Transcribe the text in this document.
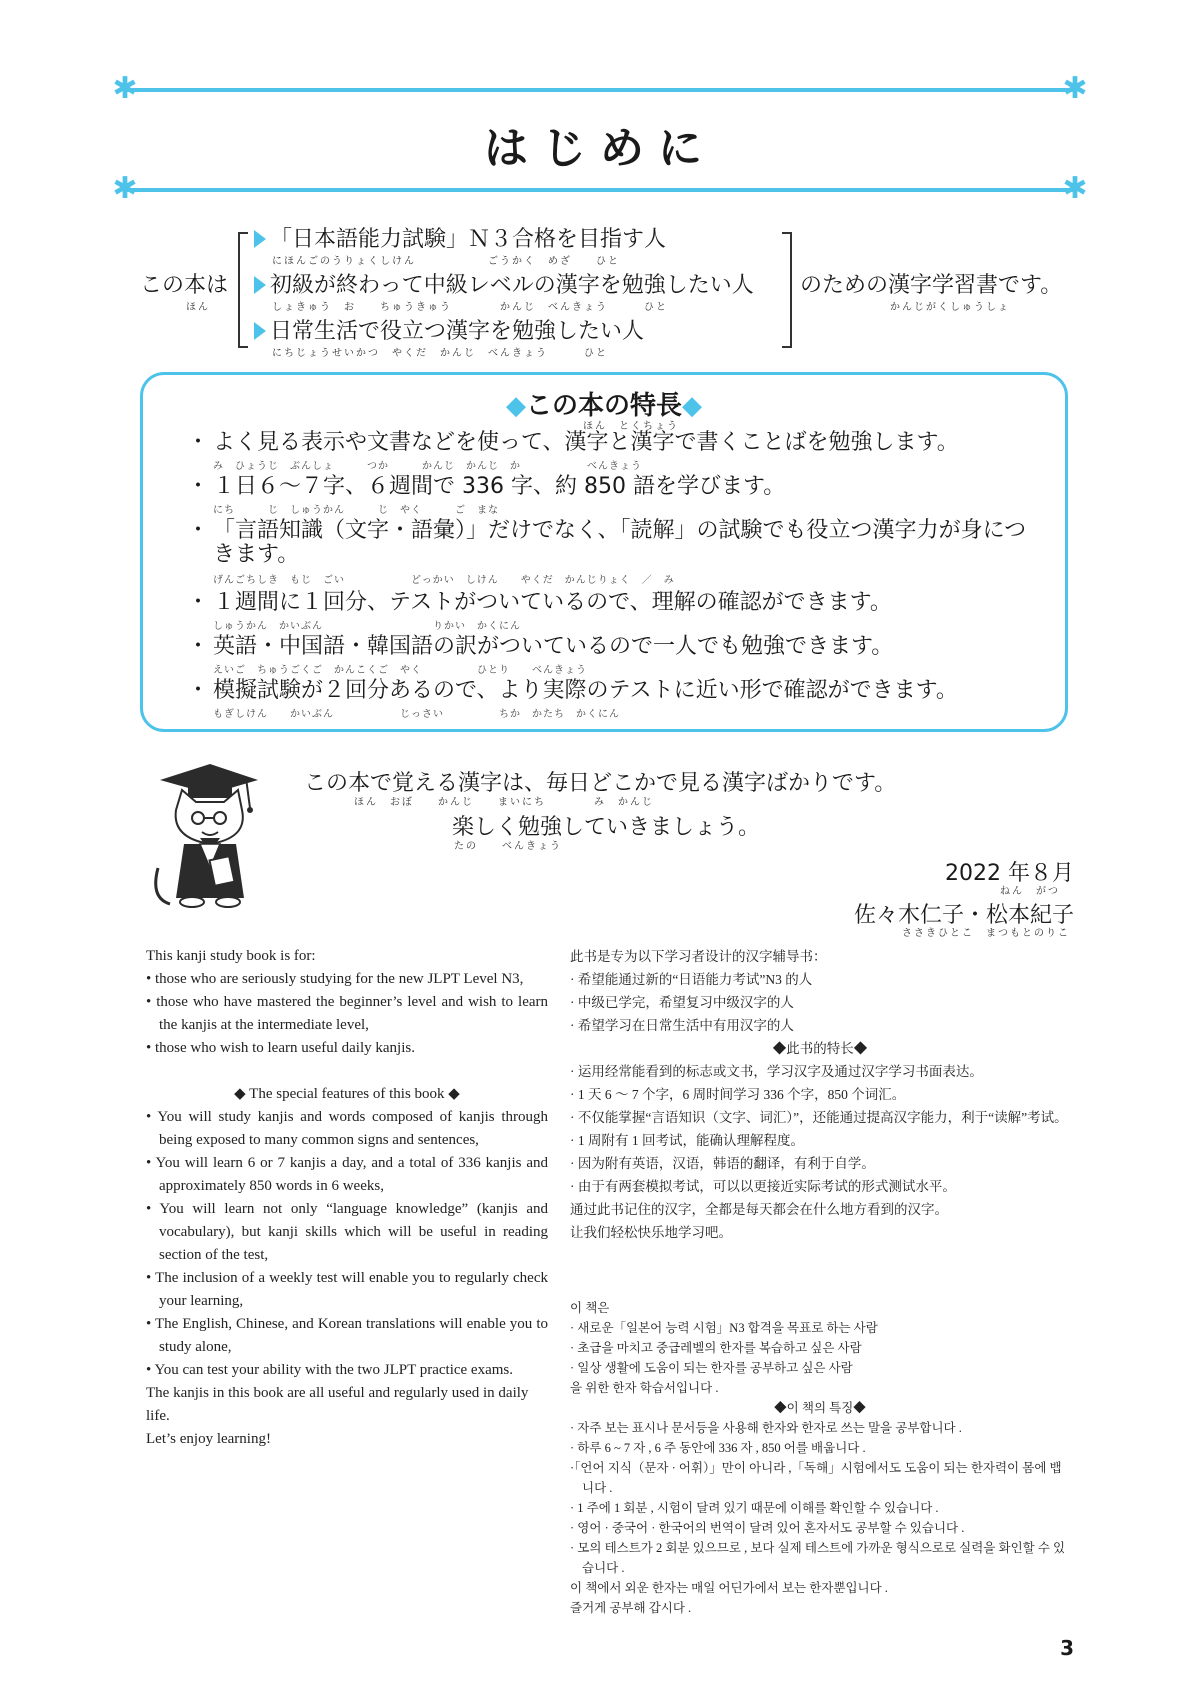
✱	✱
はじめに
✱	✱
この本は
ほん
「日本語能力試験」Ｎ３合格を目指す人
にほんごのうりょくしけん　　　　　　ごうかく　めざ　　ひと
初級が終わって中級レベルの漢字を勉強したい人
しょきゅう　お　　ちゅうきゅう　　　　かんじ　べんきょう　　　ひと
日常生活で役立つ漢字を勉強したい人
にちじょうせいかつ　やくだ　かんじ　べんきょう　　　ひと
のための漢字学習書です。
かんじがくしゅうしょ
◆この本の特長◆
ほん　とくちょう
・ よく見る表示や文書などを使って、漢字と漢字で書くことばを勉強します。
み　ひょうじ　ぶんしょ　　　つか　　　かんじ　かんじ　か　　　　　　べんきょう
・ １日６～７字、６週間で 336 字、約 850 語を学びます。
にち　　　じ　しゅうかん　　　じ　やく　　　ご　まな
・ 「言語知識（文字・語彙）」だけでなく、「読解」の試験でも役立つ漢字力が身につきます。
げんごちしき　もじ　ごい　　　　　　どっかい　しけん　　やくだ　かんじりょく　／　み
・ １週間に１回分、テストがついているので、理解の確認ができます。
しゅうかん　かいぶん　　　　　　　　　　りかい　かくにん
・ 英語・中国語・韓国語の訳がついているので一人でも勉強できます。
えいご　ちゅうごくご　かんこくご　やく　　　　　ひとり　　べんきょう
・ 模擬試験が２回分あるので、より実際のテストに近い形で確認ができます。
もぎしけん　　かいぶん　　　　　　じっさい　　　　　ちか　かたち　かくにん
この本で覚える漢字は、毎日どこかで見る漢字ばかりです。
ほん　おぼ　　かんじ　　まいにち　　　　み　かんじ
楽しく勉強していきましょう。
たの　　べんきょう
2022 年８月
ねん　がつ
佐々木仁子・松本紀子
ささきひとこ　まつもとのりこ

This kanji study book is for:

• those who are seriously studying for the new JLPT Level N3,

• those who have mastered the beginner’s level and wish to learn the kanjis at the intermediate level,

• those who wish to learn useful daily kanjis.

◆ The special features of this book ◆

• You will study kanjis and words composed of kanjis through being exposed to many common signs and sentences,

• You will learn 6 or 7 kanjis a day, and a total of 336 kanjis and approximately 850 words in 6 weeks,

• You will learn not only “language knowledge” (kanjis and vocabulary), but kanji skills which will be useful in reading section of the test,

• The inclusion of a weekly test will enable you to regularly check your learning,

• The English, Chinese, and Korean translations will enable you to study alone,

• You can test your ability with the two JLPT practice exams.

The kanjis in this book are all useful and regularly used in daily life.

Let’s enjoy learning!

此书是专为以下学习者设计的汉字辅导书：

· 希望能通过新的“日语能力考试”N3 的人

· 中级已学完，希望复习中级汉字的人

· 希望学习在日常生活中有用汉字的人

◆此书的特长◆

· 运用经常能看到的标志或文书，学习汉字及通过汉字学习书面表达。

· 1 天 6 ～ 7 个字，6 周时间学习 336 个字，850 个词汇。

· 不仅能掌握“言语知识（文字、词汇）”，还能通过提高汉字能力，利于“读解”考试。

· 1 周附有 1 回考试，能确认理解程度。

· 因为附有英语，汉语，韩语的翻译，有利于自学。

· 由于有两套模拟考试，可以以更接近实际考试的形式测试水平。

通过此书记住的汉字，全都是每天都会在什么地方看到的汉字。

让我们轻松快乐地学习吧。

이 책은

· 새로운「일본어 능력 시험」N3 합격을 목표로 하는 사람

· 초급을 마치고 중급레벨의 한자를 복습하고 싶은 사람

· 일상 생활에 도움이 되는 한자를 공부하고 싶은 사람

을 위한 한자 학습서입니다 .

◆이 책의 특징◆

· 자주 보는 표시나 문서등을 사용해 한자와 한자로 쓰는 말을 공부합니다 .

· 하루 6 ~ 7 자 , 6 주 동안에 336 자 , 850 어를 배웁니다 .

·「언어 지식（문자 · 어휘）」만이 아니라 ,「독해」시험에서도 도움이 되는 한자력이 몸에 뱁니다 .

· 1 주에 1 회분 , 시험이 달려 있기 때문에 이해를 확인할 수 있습니다 .

· 영어 · 중국어 · 한국어의 번역이 달려 있어 혼자서도 공부할 수 있습니다 .

· 모의 테스트가 2 회분 있으므로 , 보다 실제 테스트에 가까운 형식으로로 실력을 화인할 수 있습니다 .

이 책에서 외운 한자는 매일 어딘가에서 보는 한자뿐입니다 .

즐거게 공부해 갑시다 .

3
